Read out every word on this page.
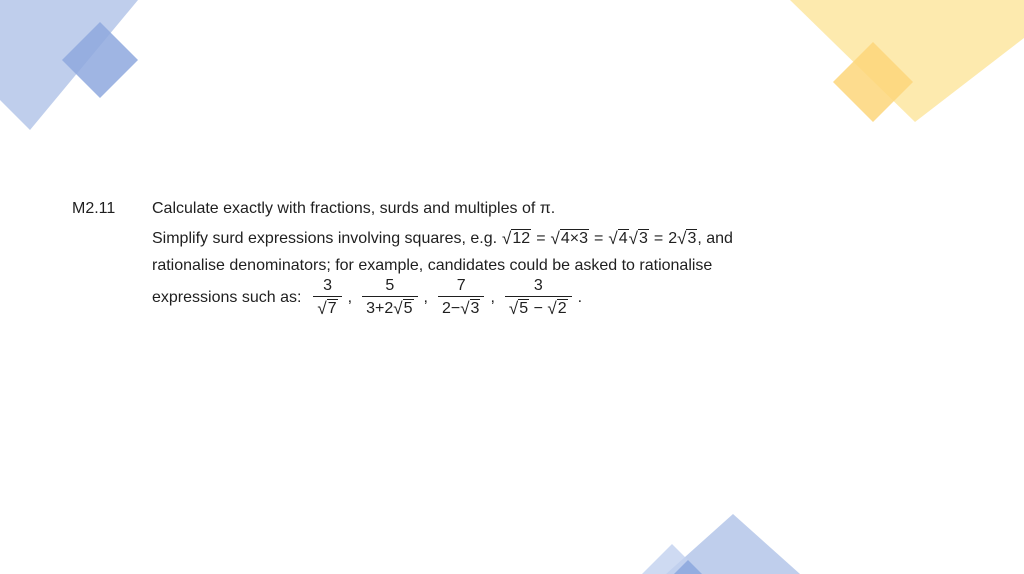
M2.11 Calculate exactly with fractions, surds and multiples of π.
Simplify surd expressions involving squares, e.g. √ 12 = √ 4×3 = √ 4 √ 3 = 2 √ 3 , and
rationalise denominators; for example, candidates could be asked to rationalise
expressions such as: $\frac{3}{√ 7}$ , $\frac{5}{3+2 √ 5}$ , $\frac{7}{2- √ 3}$ , $\frac{3}{√ 5 - √ 2}$ .
